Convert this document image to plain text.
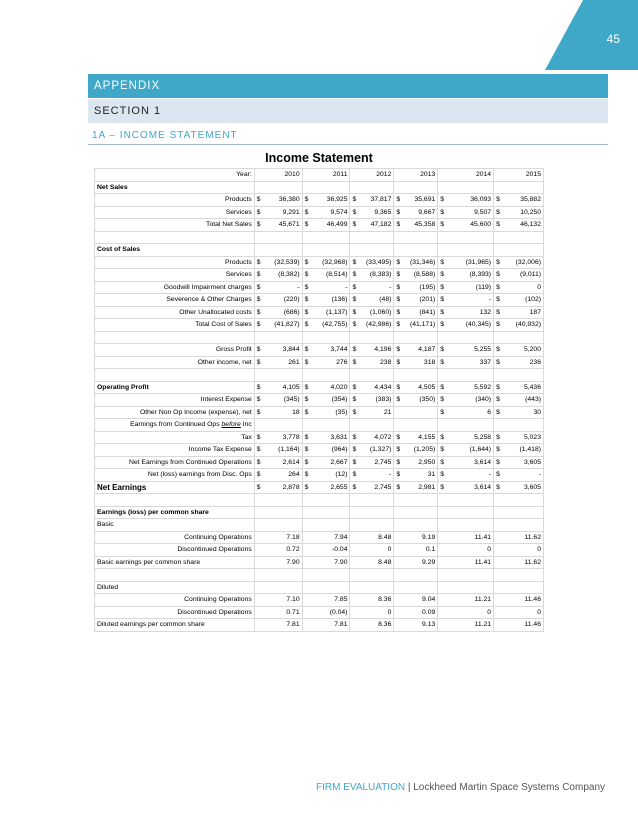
45
APPENDIX
SECTION 1
1A – INCOME STATEMENT
Income Statement						
Year:	2010	2011	2012	2013	2014	2015
Net Sales						
Products	$ 36,380	$ 36,925	$ 37,817	$ 35,691	$ 36,093	$ 35,882
Services	$ 9,291	$ 9,574	$ 9,365	$ 9,667	$ 9,507	$ 10,250
Total Net Sales	$ 45,671	$ 46,499	$ 47,182	$ 45,358	$ 45,600	$ 46,132

Cost of Sales						
Products	$ (32,539)	$ (32,968)	$ (33,495)	$ (31,346)	$ (31,965)	$ (32,006)
Services	$ (8,382)	$ (8,514)	$ (8,383)	$ (8,588)	$ (8,393)	$ (9,011)
Goodwill Impairment charges	$ -	$ -	$ -	$ (195)	$ (119)	$ 0
Severence & Other Charges	$ (220)	$ (136)	$ (48)	$ (201)	$ -	$ (102)
Other Unallocated costs	$ (686)	$ (1,137)	$ (1,060)	$ (841)	$ 132	$ 187
Total Cost of Sales	$ (41,827)	$ (42,755)	$ (42,986)	$ (41,171)	$ (40,345)	$ (40,932)

Gross Profit	$ 3,844	$ 3,744	$ 4,196	$ 4,187	$ 5,255	$ 5,200
Other income, net	$ 261	$ 276	$ 238	$ 318	$ 337	$ 236

Operating Profit	$ 4,105	$ 4,020	$ 4,434	$ 4,505	$ 5,592	$ 5,436
Interest Expense	$ (345)	$ (354)	$ (383)	$ (350)	$ (340)	$ (443)
Other Non Op Income (expense), net	$ 18	$ (35)	$ 21		$ 6	$ 30
Earnings from Continued Ops before Inc						
Tax	$ 3,778	$ 3,631	$ 4,072	$ 4,155	$ 5,258	$ 5,023
Income Tax Expense	$ (1,164)	$ (964)	$ (1,327)	$ (1,205)	$ (1,644)	$ (1,418)
Net Earnings from Continued Operations	$ 2,614	$ 2,667	$ 2,745	$ 2,950	$ 3,614	$ 3,605
Net (loss) earnings from Disc. Ops	$ 264	$ (12)	$ -	$ 31	$ -	$ -
Net Earnings	$ 2,878	$ 2,655	$ 2,745	$ 2,981	$ 3,614	$ 3,605

Earnings (loss) per common share						
Basic						
Continuing Operations	7.18	7.94	8.48	9.19	11.41	11.62
Discontinued Operations	0.72	-0.04	0	0.1	0	0
Basic earnings per common share	7.90	7.90	8.48	9.29	11.41	11.62

Diluted						
Continuing Operations	7.10	7.85	8.36	9.04	11.21	11.46
Discontinued Operations	0.71	(0.04)	0	0.09	0	0
Diluted earnings per common share	7.81	7.81	8.36	9.13	11.21	11.46
FIRM EVALUATION | Lockheed Martin Space Systems Company
